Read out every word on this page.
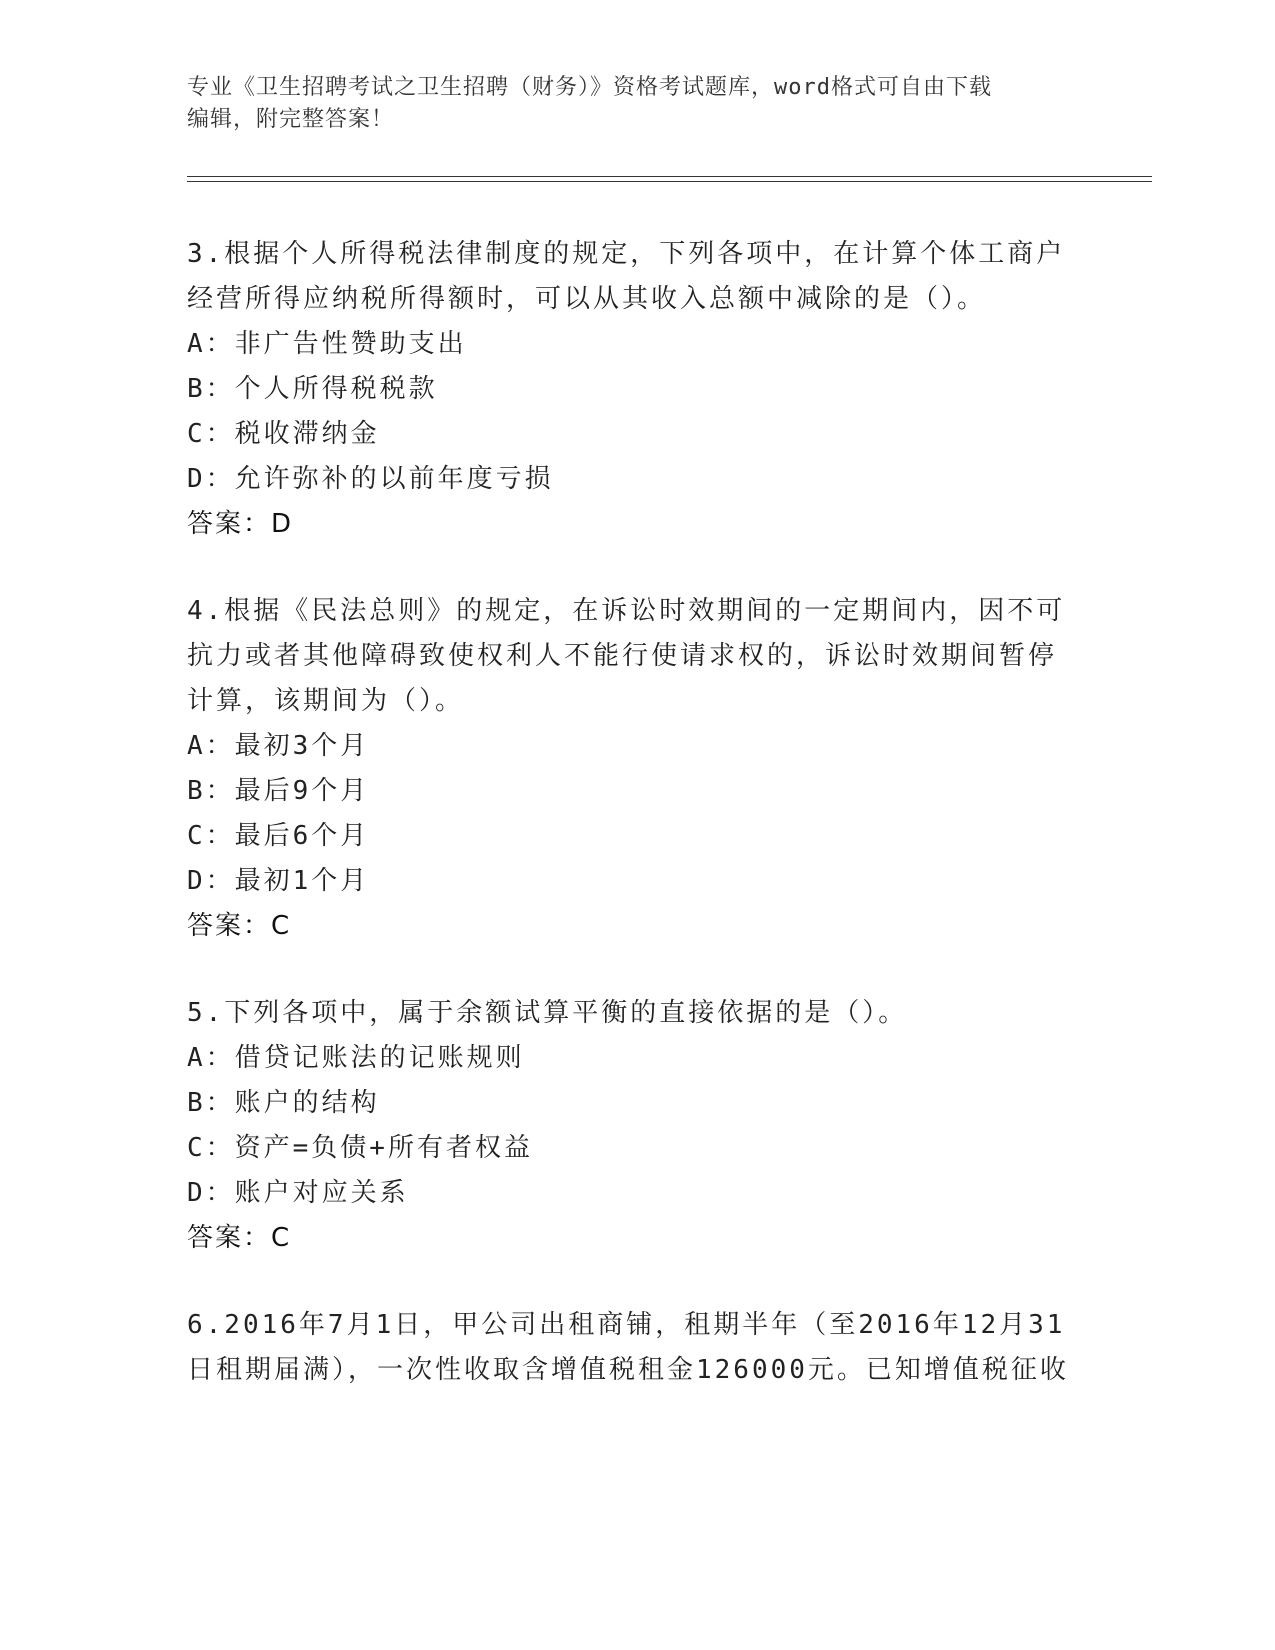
专业《卫生招聘考试之卫生招聘（财务）》资格考试题库，word格式可自由下载
编辑，附完整答案！

3.根据个人所得税法律制度的规定，下列各项中，在计算个体工商户

经营所得应纳税所得额时，可以从其收入总额中减除的是（）。

A：非广告性赞助支出

B：个人所得税税款

C：税收滞纳金

D：允许弥补的以前年度亏损

答案：D

4.根据《民法总则》的规定，在诉讼时效期间的一定期间内，因不可

抗力或者其他障碍致使权利人不能行使请求权的，诉讼时效期间暂停

计算，该期间为（）。

A：最初3个月

B：最后9个月

C：最后6个月

D：最初1个月

答案：C

5.下列各项中，属于余额试算平衡的直接依据的是（）。

A：借贷记账法的记账规则

B：账户的结构

C：资产=负债+所有者权益

D：账户对应关系

答案：C

6.2016年7月1日，甲公司出租商铺，租期半年（至2016年12月31

日租期届满），一次性收取含增值税租金126000元。已知增值税征收
